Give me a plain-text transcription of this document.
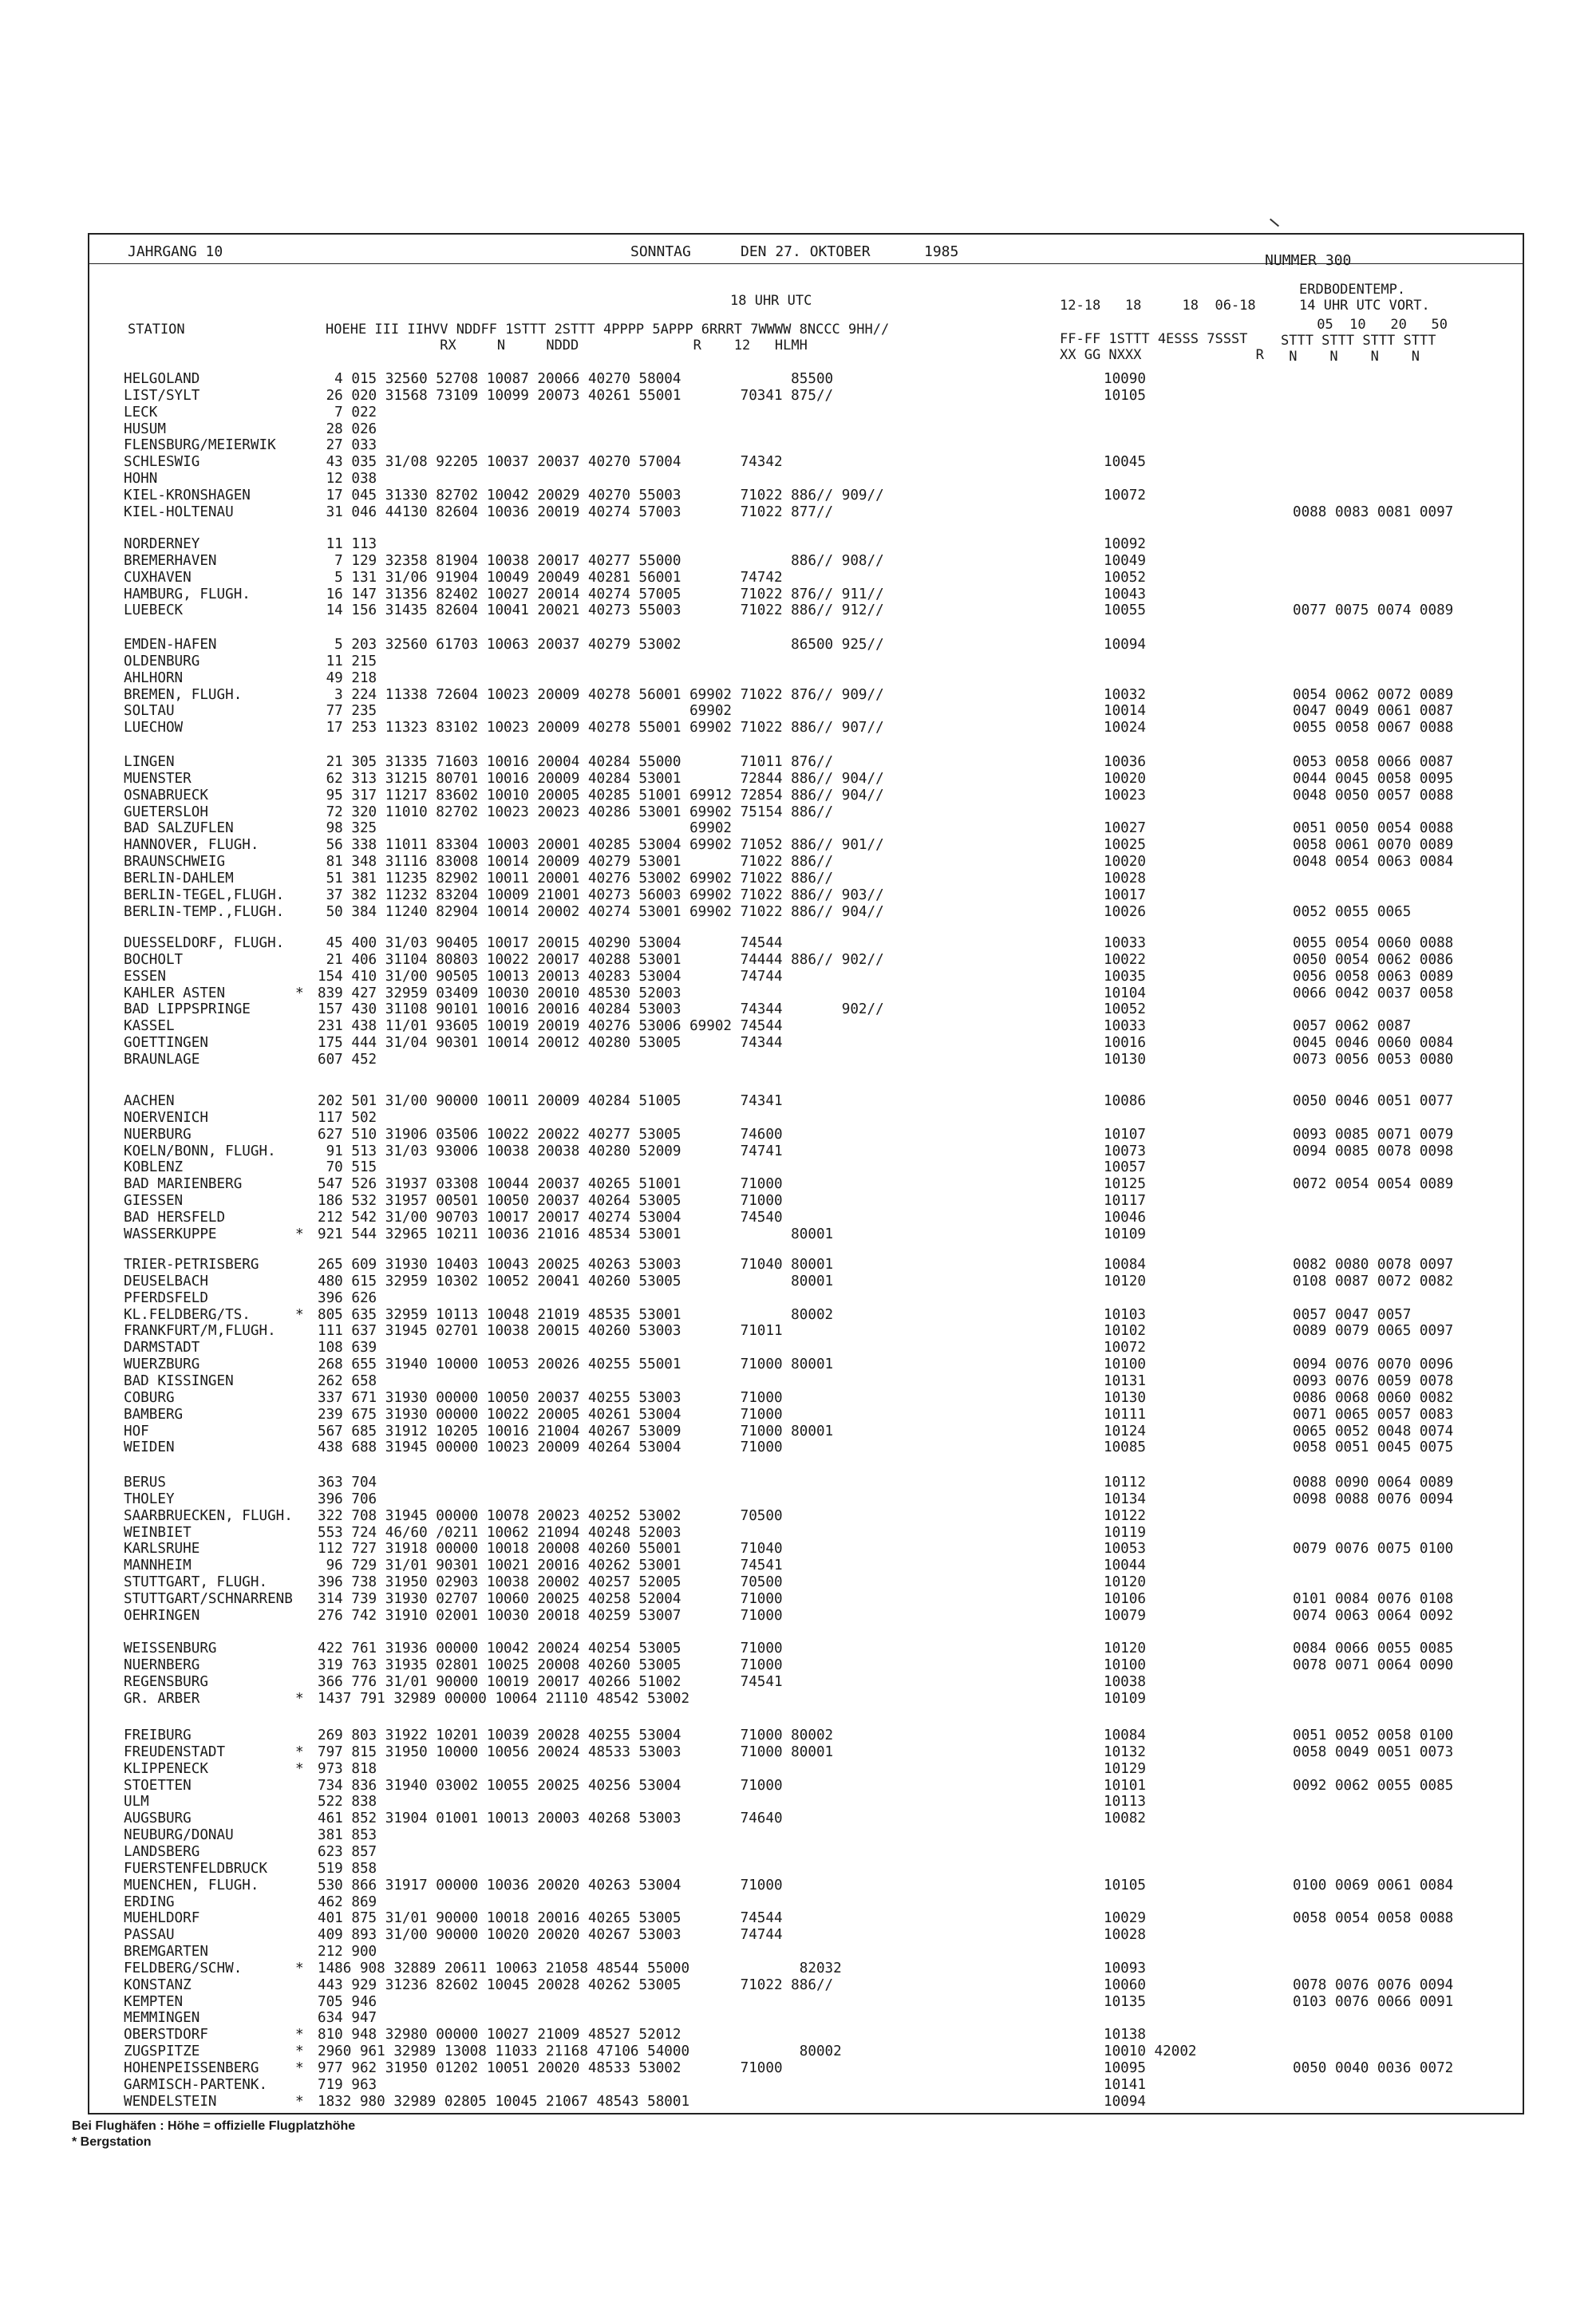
JAHRGANG 10	SONNTAG	DEN 27. OKTOBER	1985
NUMMER 300
18 UHR UTC
STATION	HOEHE III IIHVV NDDFF 1STTT 2STTT 4PPPP 5APPP 6RRRT 7WWWW 8NCCC 9HH//
RX     N     NDDD              R    12   HLMH
12-18   18     18  06-18
FF-FF 1STTT 4ESSS 7SSST
XX GG NXXX              R
ERDBODENTEMP.
14 UHR UTC VORT.
05  10   20   50
STTT STTT STTT STTT
N    N    N    N
HELGOLAND	4 015 32560 52708 10087 20066 40270 58004             85500	10090
LIST/SYLT	26 020 31568 73109 10099 20073 40261 55001       70341 875//	10105
LECK	7 022
HUSUM	28 026
FLENSBURG/MEIERWIK	27 033
SCHLESWIG	43 035 31/08 92205 10037 20037 40270 57004       74342	10045
HOHN	12 038
KIEL-KRONSHAGEN	17 045 31330 82702 10042 20029 40270 55003       71022 886// 909//	10072
KIEL-HOLTENAU	31 046 44130 82604 10036 20019 40274 57003       71022 877//	0088 0083 0081 0097
NORDERNEY	11 113	10092
BREMERHAVEN	7 129 32358 81904 10038 20017 40277 55000             886// 908//	10049
CUXHAVEN	5 131 31/06 91904 10049 20049 40281 56001       74742	10052
HAMBURG, FLUGH.	16 147 31356 82402 10027 20014 40274 57005       71022 876// 911//	10043
LUEBECK	14 156 31435 82604 10041 20021 40273 55003       71022 886// 912//	10055	0077 0075 0074 0089
EMDEN-HAFEN	5 203 32560 61703 10063 20037 40279 53002             86500 925//	10094
OLDENBURG	11 215
AHLHORN	49 218
BREMEN, FLUGH.	3 224 11338 72604 10023 20009 40278 56001 69902 71022 876// 909//	10032	0054 0062 0072 0089
SOLTAU	77 235                                     69902	10014	0047 0049 0061 0087
LUECHOW	17 253 11323 83102 10023 20009 40278 55001 69902 71022 886// 907//	10024	0055 0058 0067 0088
LINGEN	21 305 31335 71603 10016 20004 40284 55000       71011 876//	10036	0053 0058 0066 0087
MUENSTER	62 313 31215 80701 10016 20009 40284 53001       72844 886// 904//	10020	0044 0045 0058 0095
OSNABRUECK	95 317 11217 83602 10010 20005 40285 51001 69912 72854 886// 904//	10023	0048 0050 0057 0088
GUETERSLOH	72 320 11010 82702 10023 20023 40286 53001 69902 75154 886//
BAD SALZUFLEN	98 325                                     69902	10027	0051 0050 0054 0088
HANNOVER, FLUGH.	56 338 11011 83304 10003 20001 40285 53004 69902 71052 886// 901//	10025	0058 0061 0070 0089
BRAUNSCHWEIG	81 348 31116 83008 10014 20009 40279 53001       71022 886//	10020	0048 0054 0063 0084
BERLIN-DAHLEM	51 381 11235 82902 10011 20001 40276 53002 69902 71022 886//	10028
BERLIN-TEGEL,FLUGH. 37 382 11232 83204 10009 21001 40273 56003 69902 71022 886// 903//	10017
BERLIN-TEMP.,FLUGH. 50 384 11240 82904 10014 20002 40274 53001 69902 71022 886// 904//	10026	0052 0055 0065
DUESSELDORF, FLUGH. 45 400 31/03 90405 10017 20015 40290 53004       74544	10033	0055 0054 0060 0088
BOCHOLT	21 406 31104 80803 10022 20017 40288 53001       74444 886// 902//	10022	0050 0054 0062 0086
ESSEN	154 410 31/00 90505 10013 20013 40283 53004       74744	10035	0056 0058 0063 0089
KAHLER ASTEN	* 839 427 32959 03409 10030 20010 48530 52003	10104	0066 0042 0037 0058
BAD LIPPSPRINGE	157 430 31108 90101 10016 20016 40284 53003       74344       902//	10052
KASSEL	231 438 11/01 93605 10019 20019 40276 53006 69902 74544	10033	0057 0062 0087
GOETTINGEN	175 444 31/04 90301 10014 20012 40280 53005       74344	10016	0045 0046 0060 0084
BRAUNLAGE	607 452	10130	0073 0056 0053 0080
AACHEN	202 501 31/00 90000 10011 20009 40284 51005       74341	10086	0050 0046 0051 0077
NOERVENICH	117 502
NUERBURG	627 510 31906 03506 10022 20022 40277 53005       74600	10107	0093 0085 0071 0079
KOELN/BONN, FLUGH.	91 513 31/03 93006 10038 20038 40280 52009       74741	10073	0094 0085 0078 0098
KOBLENZ	70 515	10057
BAD MARIENBERG	547 526 31937 03308 10044 20037 40265 51001       71000	10125	0072 0054 0054 0089
GIESSEN	186 532 31957 00501 10050 20037 40264 53005       71000	10117
BAD HERSFELD	212 542 31/00 90703 10017 20017 40274 53004       74540	10046
WASSERKUPPE	* 921 544 32965 10211 10036 21016 48534 53001             80001	10109
TRIER-PETRISBERG	265 609 31930 10403 10043 20025 40263 53003       71040 80001	10084	0082 0080 0078 0097
DEUSELBACH	480 615 32959 10302 10052 20041 40260 53005             80001	10120	0108 0087 0072 0082
PFERDSFELD	396 626
KL.FELDBERG/TS.	* 805 635 32959 10113 10048 21019 48535 53001             80002	10103	0057 0047 0057
FRANKFURT/M,FLUGH.	111 637 31945 02701 10038 20015 40260 53003       71011	10102	0089 0079 0065 0097
DARMSTADT	108 639	10072
WUERZBURG	268 655 31940 10000 10053 20026 40255 55001       71000 80001	10100	0094 0076 0070 0096
BAD KISSINGEN	262 658	10131	0093 0076 0059 0078
COBURG	337 671 31930 00000 10050 20037 40255 53003       71000	10130	0086 0068 0060 0082
BAMBERG	239 675 31930 00000 10022 20005 40261 53004       71000	10111	0071 0065 0057 0083
HOF	567 685 31912 10205 10016 21004 40267 53009       71000 80001	10124	0065 0052 0048 0074
WEIDEN	438 688 31945 00000 10023 20009 40264 53004       71000	10085	0058 0051 0045 0075
BERUS	363 704	10112	0088 0090 0064 0089
THOLEY	396 706	10134	0098 0088 0076 0094
SAARBRUECKEN, FLUGH. 322 708 31945 00000 10078 20023 40252 53002       70500	10122
WEINBIET	553 724 46/60 /0211 10062 21094 40248 52003	10119
KARLSRUHE	112 727 31918 00000 10018 20008 40260 55001       71040	10053	0079 0076 0075 0100
MANNHEIM	96 729 31/01 90301 10021 20016 40262 53001       74541	10044
STUTTGART, FLUGH.	396 738 31950 02903 10038 20002 40257 52005       70500	10120
STUTTGART/SCHNARRENB 314 739 31930 02707 10060 20025 40258 52004       71000	10106	0101 0084 0076 0108
OEHRINGEN	276 742 31910 02001 10030 20018 40259 53007       71000	10079	0074 0063 0064 0092
WEISSENBURG	422 761 31936 00000 10042 20024 40254 53005       71000	10120	0084 0066 0055 0085
NUERNBERG	319 763 31935 02801 10025 20008 40260 53005       71000	10100	0078 0071 0064 0090
REGENSBURG	366 776 31/01 90000 10019 20017 40266 51002       74541	10038
GR. ARBER	* 1437 791 32989 00000 10064 21110 48542 53002	10109
FREIBURG	269 803 31922 10201 10039 20028 40255 53004       71000 80002	10084	0051 0052 0058 0100
FREUDENSTADT	* 797 815 31950 10000 10056 20024 48533 53003       71000 80001	10132	0058 0049 0051 0073
KLIPPENECK	* 973 818	10129
STOETTEN	734 836 31940 03002 10055 20025 40256 53004       71000	10101	0092 0062 0055 0085
ULM	522 838	10113
AUGSBURG	461 852 31904 01001 10013 20003 40268 53003       74640	10082
NEUBURG/DONAU	381 853
LANDSBERG	623 857
FUERSTENFELDBRUCK	519 858
MUENCHEN, FLUGH.	530 866 31917 00000 10036 20020 40263 53004       71000	10105	0100 0069 0061 0084
ERDING	462 869
MUEHLDORF	401 875 31/01 90000 10018 20016 40265 53005       74544	10029	0058 0054 0058 0088
PASSAU	409 893 31/00 90000 10020 20020 40267 53003       74744	10028
BREMGARTEN	212 900
FELDBERG/SCHW.	* 1486 908 32889 20611 10063 21058 48544 55000             82032	10093
KONSTANZ	443 929 31236 82602 10045 20028 40262 53005       71022 886//	10060	0078 0076 0076 0094
KEMPTEN	705 946	10135	0103 0076 0066 0091
MEMMINGEN	634 947
OBERSTDORF	* 810 948 32980 00000 10027 21009 48527 52012	10138
ZUGSPITZE	* 2960 961 32989 13008 11033 21168 47106 54000             80002	10010 42002
HOHENPEISSENBERG	* 977 962 31950 01202 10051 20020 48533 53002       71000	10095	0050 0040 0036 0072
GARMISCH-PARTENK.	719 963	10141
WENDELSTEIN	* 1832 980 32989 02805 10045 21067 48543 58001	10094
Bei Flughäfen : Höhe = offizielle Flugplatzhöhe
* Bergstation
